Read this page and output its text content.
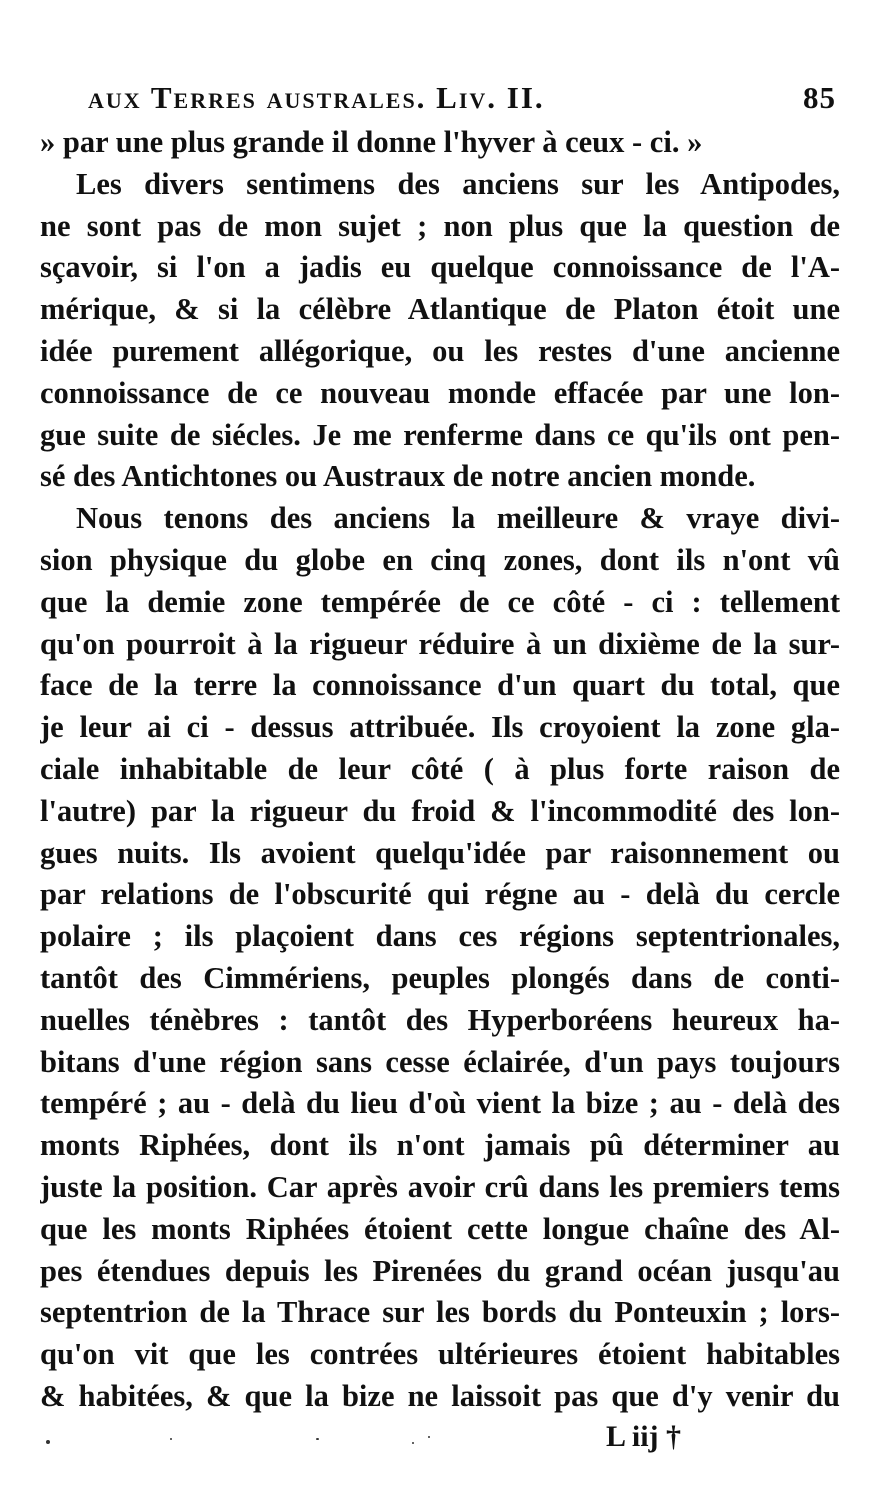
aux Terres australes. Liv. II.	85
» par une plus grande il donne l'hyver à ceux - ci. »
Les divers sentimens des anciens sur les Antipodes,
ne sont pas de mon sujet ; non plus que la question de
sçavoir, si l'on a jadis eu quelque connoissance de l'A-
mérique, & si la célèbre Atlantique de Platon étoit une
idée purement allégorique, ou les restes d'une ancienne
connoissance de ce nouveau monde effacée par une lon-
gue suite de siécles. Je me renferme dans ce qu'ils ont pen-
sé des Antichtones ou Austraux de notre ancien monde.
Nous tenons des anciens la meilleure & vraye divi-
sion physique du globe en cinq zones, dont ils n'ont vû
que la demie zone tempérée de ce côté - ci : tellement
qu'on pourroit à la rigueur réduire à un dixième de la sur-
face de la terre la connoissance d'un quart du total, que
je leur ai ci - dessus attribuée. Ils croyoient la zone gla-
ciale inhabitable de leur côté ( à plus forte raison de
l'autre) par la rigueur du froid & l'incommodité des lon-
gues nuits. Ils avoient quelqu'idée par raisonnement ou
par relations de l'obscurité qui régne au - delà du cercle
polaire ; ils plaçoient dans ces régions septentrionales,
tantôt des Cimmériens, peuples plongés dans de conti-
nuelles ténèbres : tantôt des Hyperboréens heureux ha-
bitans d'une région sans cesse éclairée, d'un pays toujours
tempéré ; au - delà du lieu d'où vient la bize ; au - delà des
monts Riphées, dont ils n'ont jamais pû déterminer au
juste la position. Car après avoir crû dans les premiers tems
que les monts Riphées étoient cette longue chaîne des Al-
pes étendues depuis les Pirenées du grand océan jusqu'au
septentrion de la Thrace sur les bords du Ponteuxin ; lors-
qu'on vit que les contrées ultérieures étoient habitables
& habitées, & que la bize ne laissoit pas que d'y venir du
L iij †
